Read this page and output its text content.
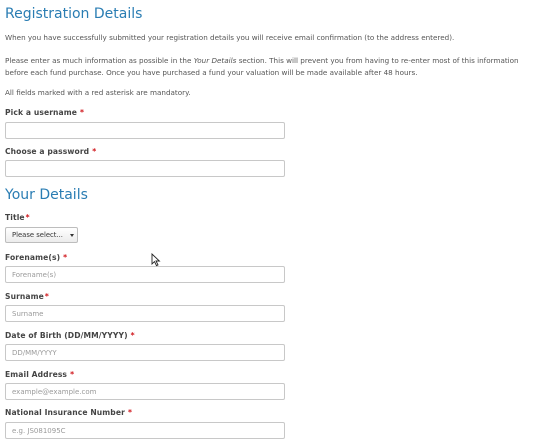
Registration Details

When you have successfully submitted your registration details you will receive email confirmation (to the address entered).

Please enter as much information as possible in the Your Details section. This will prevent you from having to re-enter most of this information before each fund purchase. Once you have purchased a fund your valuation will be made available after 48 hours.

All fields marked with a red asterisk are mandatory.

Pick a username *
Choose a password *
Your Details
Title*
Please select...
Forename(s) *
Forename(s)
Surname*
Surname
Date of Birth (DD/MM/YYYY) *
DD/MM/YYYY
Email Address *
example@example.com
National Insurance Number *
e.g. JS081095C
